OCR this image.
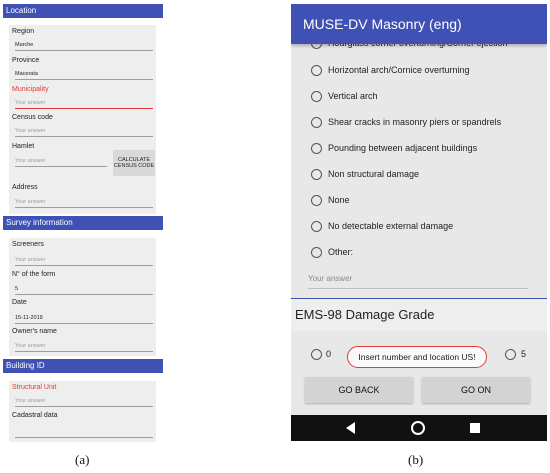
Location
Region
Marche
Province
Macerata
Municipality
Your answer
Census code
Your answer
Hamlet
Your answer	CALCULATE CENSUS CODE
Address
Your answer
Survey information
Screeners
Your answer
N° of the form
5
Date
15-11-2019
Owner's name
Your answer
Building ID
Structural Unit
Your answer
Cadastral data
MUSE-DV Masonry (eng)
Horizontal arch/Cornice overturning
Vertical arch
Shear cracks in masonry piers or spandrels
Pounding between adjacent buildings
Non structural damage
None
No detectable external damage
Other:
Your answer
EMS-98 Damage Grade
0	Insert number and location US!	5
GO BACK	GO ON
(a)	(b)
